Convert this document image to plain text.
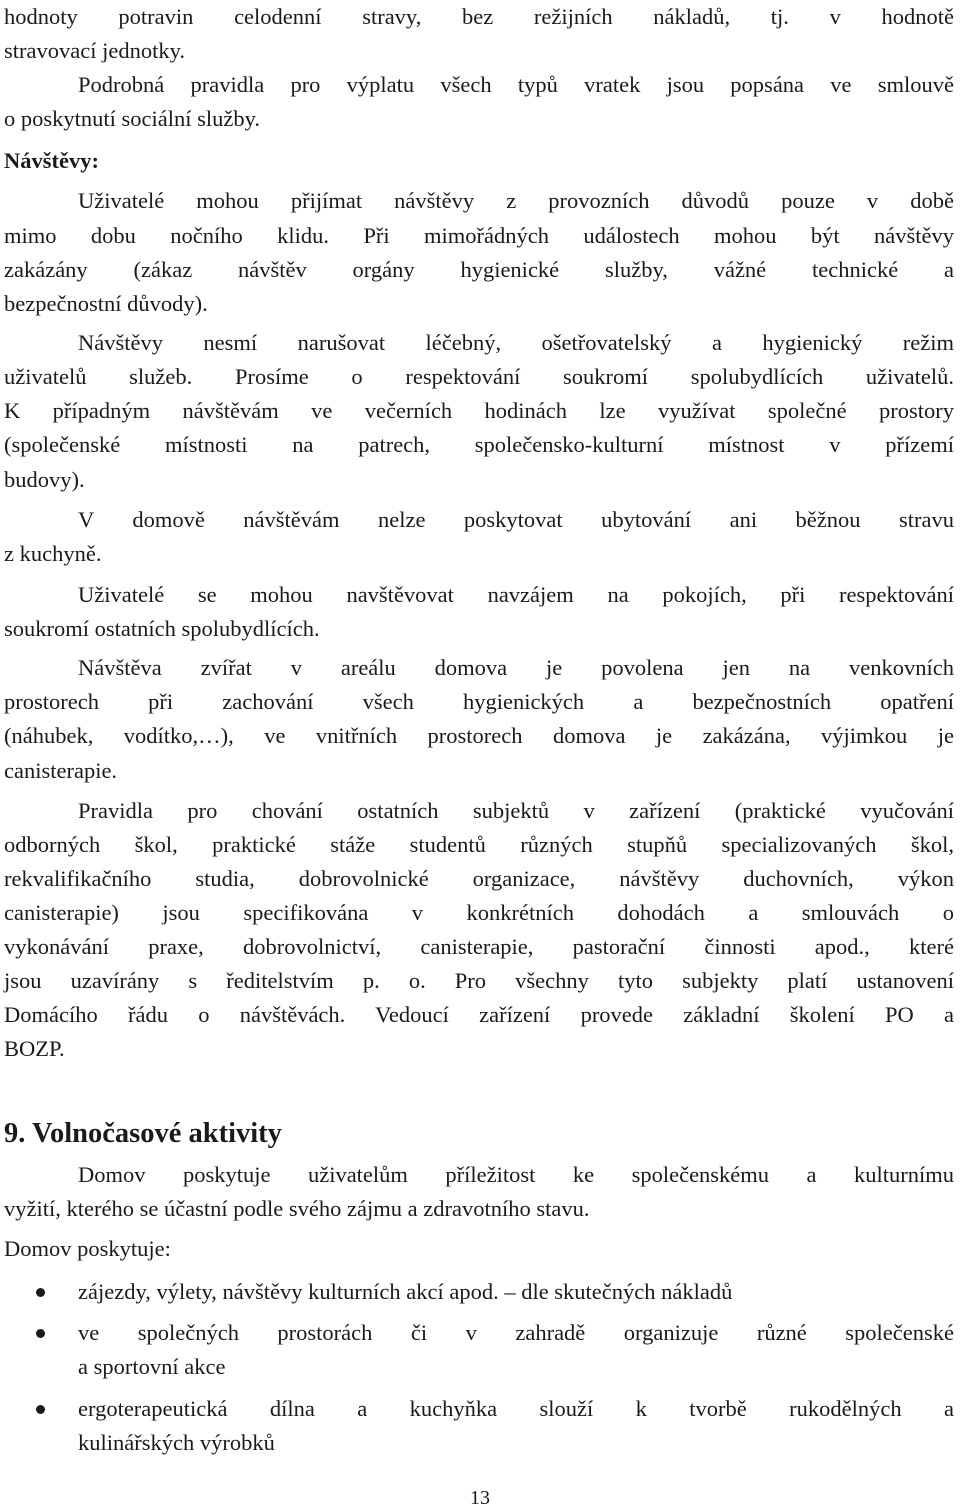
hodnoty potravin celodenní stravy, bez režijních nákladů, tj. v hodnotě
stravovací jednotky.
Podrobná pravidla pro výplatu všech typů vratek jsou popsána ve smlouvě
o poskytnutí sociální služby.
Návštěvy:
Uživatelé mohou přijímat návštěvy z provozních důvodů pouze v době
mimo dobu nočního klidu. Při mimořádných událostech mohou být návštěvy
zakázány (zákaz návštěv orgány hygienické služby, vážné technické a
bezpečnostní důvody).
Návštěvy nesmí narušovat léčebný, ošetřovatelský a hygienický režim
uživatelů služeb. Prosíme o respektování soukromí spolubydlících uživatelů.
K případným návštěvám ve večerních hodinách lze využívat společné prostory
(společenské místnosti na patrech, společensko-kulturní místnost v přízemí
budovy).
V domově návštěvám nelze poskytovat ubytování ani běžnou stravu
z kuchyně.
Uživatelé se mohou navštěvovat navzájem na pokojích, při respektování
soukromí ostatních spolubydlících.
Návštěva zvířat v areálu domova je povolena jen na venkovních
prostorech při zachování všech hygienických a bezpečnostních opatření
(náhubek, vodítko,…), ve vnitřních prostorech domova je zakázána, výjimkou je
canisterapie.
Pravidla pro chování ostatních subjektů v zařízení (praktické vyučování
odborných škol, praktické stáže studentů různých stupňů specializovaných škol,
rekvalifikačního studia, dobrovolnické organizace, návštěvy duchovních, výkon
canisterapie) jsou specifikována v konkrétních dohodách a smlouvách o
vykonávání praxe, dobrovolnictví, canisterapie, pastorační činnosti apod., které
jsou uzavírány s ředitelstvím p. o. Pro všechny tyto subjekty platí ustanovení
Domácího řádu o návštěvách. Vedoucí zařízení provede základní školení PO a
BOZP.
9. Volnočasové aktivity
Domov poskytuje uživatelům příležitost ke společenskému a kulturnímu
vyžití, kterého se účastní podle svého zájmu a zdravotního stavu.
Domov poskytuje:
zájezdy, výlety, návštěvy kulturních akcí apod. – dle skutečných nákladů
ve společných prostorách či v zahradě organizuje různé společenské
a sportovní akce
ergoterapeutická dílna a kuchyňka slouží k tvorbě rukodělných a
kulinářských výrobků
13
